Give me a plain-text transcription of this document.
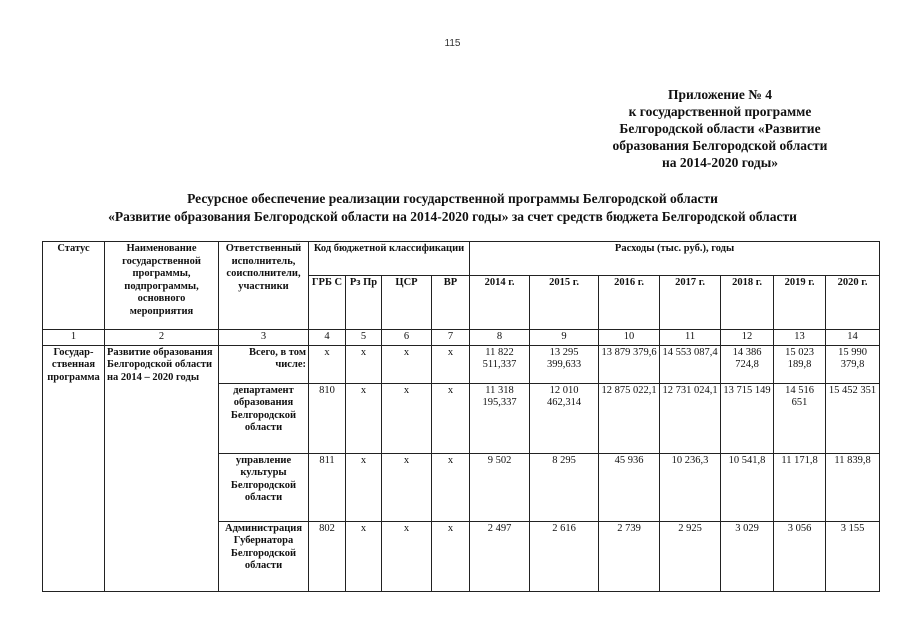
115
Приложение № 4
к государственной программе
Белгородской области «Развитие
образования Белгородской области
на 2014-2020 годы»
Ресурсное обеспечение реализации государственной программы Белгородской области
«Развитие образования Белгородской области на 2014-2020 годы» за счет средств бюджета Белгородской области
Статус	Наименование государственной программы, подпрограммы, основного мероприятия	Ответственный исполнитель, соисполнители, участники	Код бюджетной классификации				Расходы (тыс. руб.), годы						
			ГРБ С	Рз Пр	ЦСР	ВР	2014 г.	2015 г.	2016 г.	2017 г.	2018 г.	2019 г.	2020 г.
1	2	3	4	5	6	7	8	9	10	11	12	13	14
Государ-ственная программа	Развитие образования Белгородской области на 2014 – 2020 годы	Всего, в том числе:	х	х	х	х	11 822 511,337	13 295 399,633	13 879 379,6	14 553 087,4	14 386 724,8	15 023 189,8	15 990 379,8
		департамент образования Белгородской области	810	х	х	х	11 318 195,337	12 010 462,314	12 875 022,1	12 731 024,1	13 715 149	14 516 651	15 452 351
		управление культуры Белгородской области	811	х	х	х	9 502	8 295	45 936	10 236,3	10 541,8	11 171,8	11 839,8
		Администрация Губернатора Белгородской области	802	х	х	х	2 497	2 616	2 739	2 925	3 029	3 056	3 155
